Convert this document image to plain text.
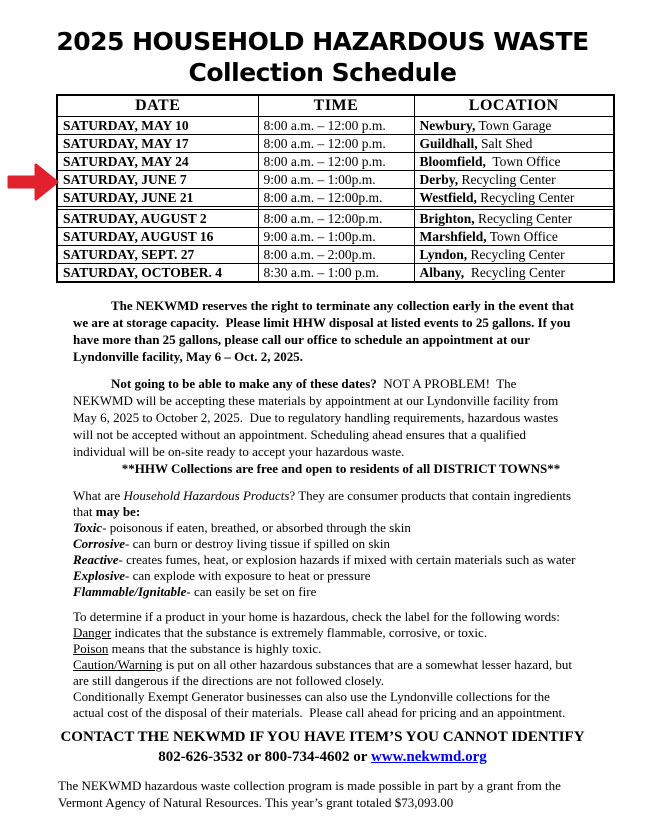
2025 HOUSEHOLD HAZARDOUS WASTE
Collection Schedule
DATE	TIME	LOCATION
SATURDAY, MAY 10	8:00 a.m. – 12:00 p.m.	Newbury, Town Garage
SATURDAY, MAY 17	8:00 a.m. – 12:00 p.m.	Guildhall, Salt Shed
SATURDAY, MAY 24	8:00 a.m. – 12:00 p.m.	Bloomfield,  Town Office
SATURDAY, JUNE 7	9:00 a.m. – 1:00p.m.	Derby, Recycling Center
SATURDAY, JUNE 21	8:00 a.m. – 12:00p.m.	Westfield, Recycling Center

SATRUDAY, AUGUST 2	8:00 a.m. – 12:00p.m.	Brighton, Recycling Center
SATURDAY, AUGUST 16	9:00 a.m. – 1:00p.m.	Marshfield, Town Office
SATURDAY, SEPT. 27	8:00 a.m. – 2:00p.m.	Lyndon, Recycling Center
SATURDAY, OCTOBER. 4	8:30 a.m. – 1:00 p.m.	Albany,  Recycling Center
The NEKWMD reserves the right to terminate any collection early in the event that
we are at storage capacity.  Please limit HHW disposal at listed events to 25 gallons. If you
have more than 25 gallons, please call our office to schedule an appointment at our
Lyndonville facility, May 6 – Oct. 2, 2025.
Not going to be able to make any of these dates?  NOT A PROBLEM!  The
NEKWMD will be accepting these materials by appointment at our Lyndonville facility from
May 6, 2025 to October 2, 2025.  Due to regulatory handling requirements, hazardous wastes
will not be accepted without an appointment. Scheduling ahead ensures that a qualified
individual will be on-site ready to accept your hazardous waste.
**HHW Collections are free and open to residents of all DISTRICT TOWNS**
What are Household Hazardous Products? They are consumer products that contain ingredients
that may be:
Toxic- poisonous if eaten, breathed, or absorbed through the skin
Corrosive- can burn or destroy living tissue if spilled on skin
Reactive- creates fumes, heat, or explosion hazards if mixed with certain materials such as water
Explosive- can explode with exposure to heat or pressure
Flammable/Ignitable- can easily be set on fire
To determine if a product in your home is hazardous, check the label for the following words:
Danger indicates that the substance is extremely flammable, corrosive, or toxic.
Poison means that the substance is highly toxic.
Caution/Warning is put on all other hazardous substances that are a somewhat lesser hazard, but
are still dangerous if the directions are not followed closely.
Conditionally Exempt Generator businesses can also use the Lyndonville collections for the
actual cost of the disposal of their materials.  Please call ahead for pricing and an appointment.
CONTACT THE NEKWMD IF YOU HAVE ITEM’S YOU CANNOT IDENTIFY
802-626-3532 or 800-734-4602 or www.nekwmd.org
The NEKWMD hazardous waste collection program is made possible in part by a grant from the
Vermont Agency of Natural Resources. This year’s grant totaled $73,093.00
